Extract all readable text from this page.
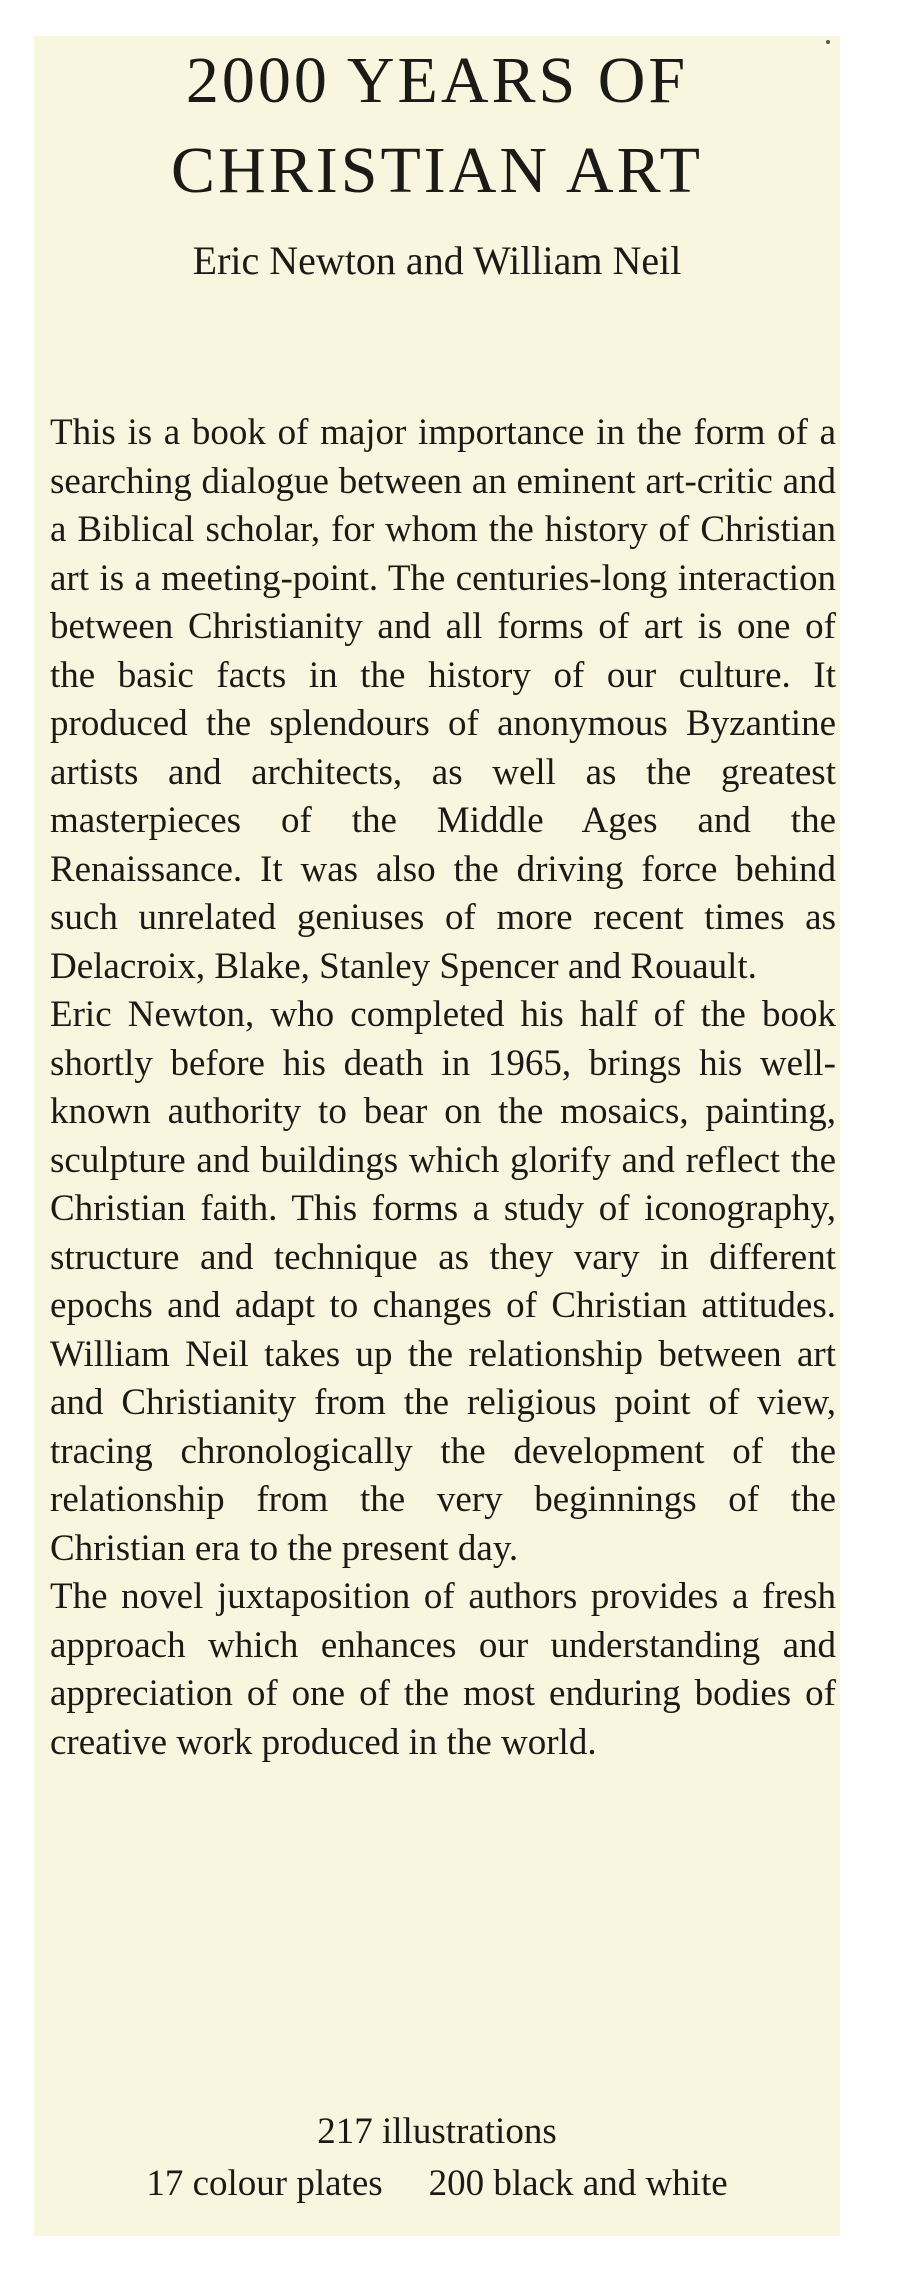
2000 YEARS OF
CHRISTIAN ART

Eric Newton and William Neil

This is a book of major importance in the form of a searching dialogue between an eminent art-critic and a Biblical scholar, for whom the history of Christian art is a meeting-point. The centuries-long interaction between Christianity and all forms of art is one of the basic facts in the history of our culture. It produced the splendours of anonymous Byzantine artists and architects, as well as the greatest masterpieces of the Middle Ages and the Renaissance. It was also the driving force behind such unrelated geniuses of more recent times as Delacroix, Blake, Stanley Spencer and Rouault.

Eric Newton, who completed his half of the book shortly before his death in 1965, brings his well-known authority to bear on the mosaics, painting, sculpture and buildings which glorify and reflect the Christian faith. This forms a study of iconography, structure and technique as they vary in different epochs and adapt to changes of Christian attitudes. William Neil takes up the relationship between art and Christianity from the religious point of view, tracing chronologically the development of the relationship from the very beginnings of the Christian era to the present day.

The novel juxtaposition of authors provides a fresh approach which enhances our understanding and appreciation of one of the most enduring bodies of creative work produced in the world.

217 illustrations
17 colour plates 200 black and white
